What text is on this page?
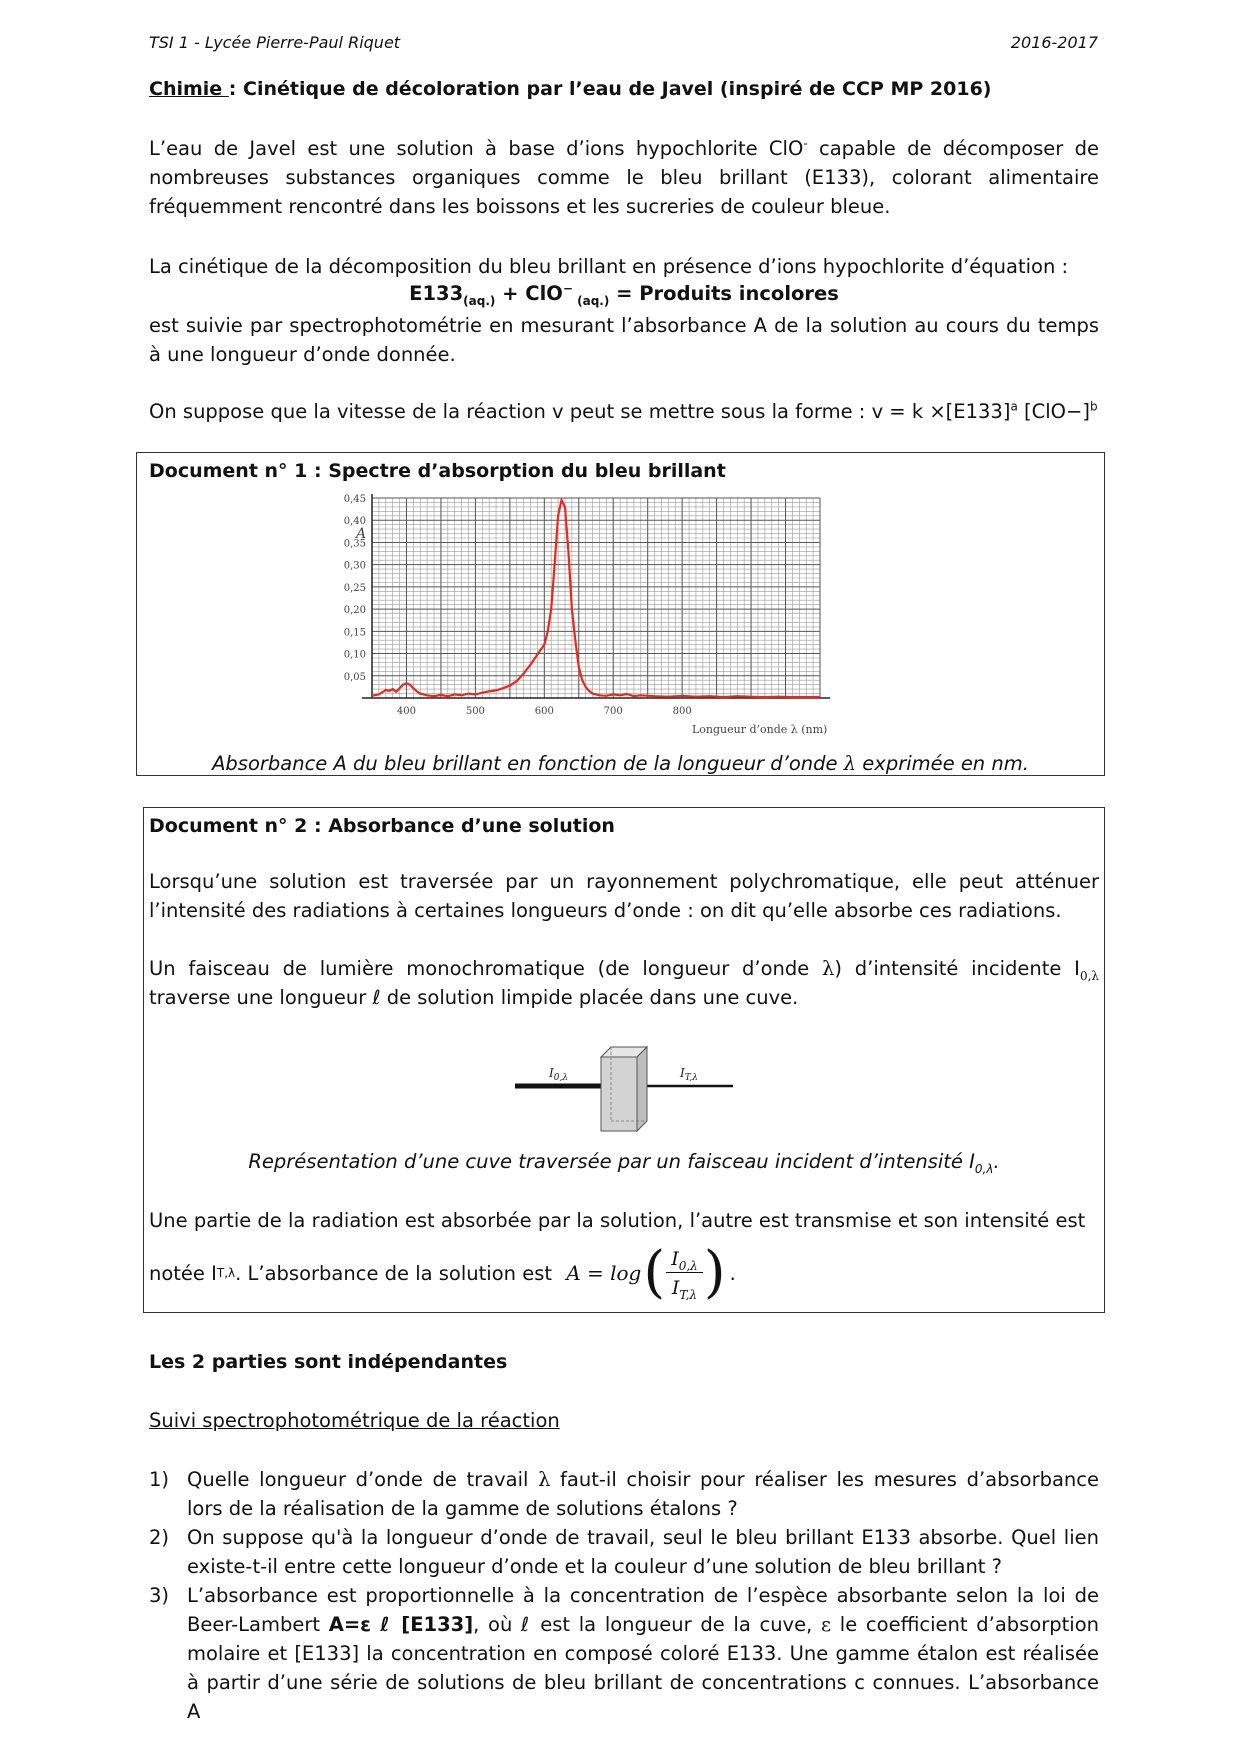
TSI 1 - Lycée Pierre-Paul Riquet	2016-2017
Chimie : Cinétique de décoloration par l’eau de Javel (inspiré de CCP MP 2016)
L’eau de Javel est une solution à base d’ions hypochlorite ClO- capable de décomposer de nombreuses substances organiques comme le bleu brillant (E133), colorant alimentaire fréquemment rencontré dans les boissons et les sucreries de couleur bleue.
La cinétique de la décomposition du bleu brillant en présence d’ions hypochlorite d’équation :
$E133_{(aq.)} + ClO^-$ $_{(aq.)}$ = Produits incolores
est suivie par spectrophotométrie en mesurant l’absorbance A de la solution au cours du temps à une longueur d’onde donnée.
On suppose que la vitesse de la réaction v peut se mettre sous la forme : $v = k \times[E133]^a$ $[ClO-]^b$
Document n° 1 : Spectre d’absorption du bleu brillant
0,05
0,10
0,15
0,20
0,25
0,30
0,35
0,40
0,45
400	500	600	700	800
A
Longueur d’onde λ (nm)
Absorbance A du bleu brillant en fonction de la longueur d’onde λ exprimée en nm.
Document n° 2 : Absorbance d’une solution
Lorsqu’une solution est traversée par un rayonnement polychromatique, elle peut atténuer l’intensité des radiations à certaines longueurs d’onde : on dit qu’elle absorbe ces radiations.
Un faisceau de lumière monochromatique (de longueur d’onde λ) d’intensité incidente $I_{0,\lambda}$ traverse une longueur ℓ de solution limpide placée dans une cuve.
$I_{0,\lambda}$	$I_{T,\lambda}$
Représentation d’une cuve traversée par un faisceau incident d’intensité $I_{0,\lambda}$.
Une partie de la radiation est absorbée par la solution, l’autre est transmise et son intensité est
notée I T,λ . L’absorbance de la solution est A = log ( $\frac{I_{0,\lambda}}{I_{T,\lambda}}$ ) .
Les 2 parties sont indépendantes
Suivi spectrophotométrique de la réaction
1) Quelle longueur d’onde de travail λ faut-il choisir pour réaliser les mesures d’absorbance lors de la réalisation de la gamme de solutions étalons ?
2) On suppose qu'à la longueur d’onde de travail, seul le bleu brillant E133 absorbe. Quel lien existe-t-il entre cette longueur d’onde et la couleur d’une solution de bleu brillant ?
3) L’absorbance est proportionnelle à la concentration de l’espèce absorbante selon la loi de Beer-Lambert A=ε ℓ [E133], où ℓ est la longueur de la cuve, ε le coefficient d’absorption molaire et [E133] la concentration en composé coloré E133. Une gamme étalon est réalisée à partir d’une série de solutions de bleu brillant de concentrations c connues. L’absorbance A
